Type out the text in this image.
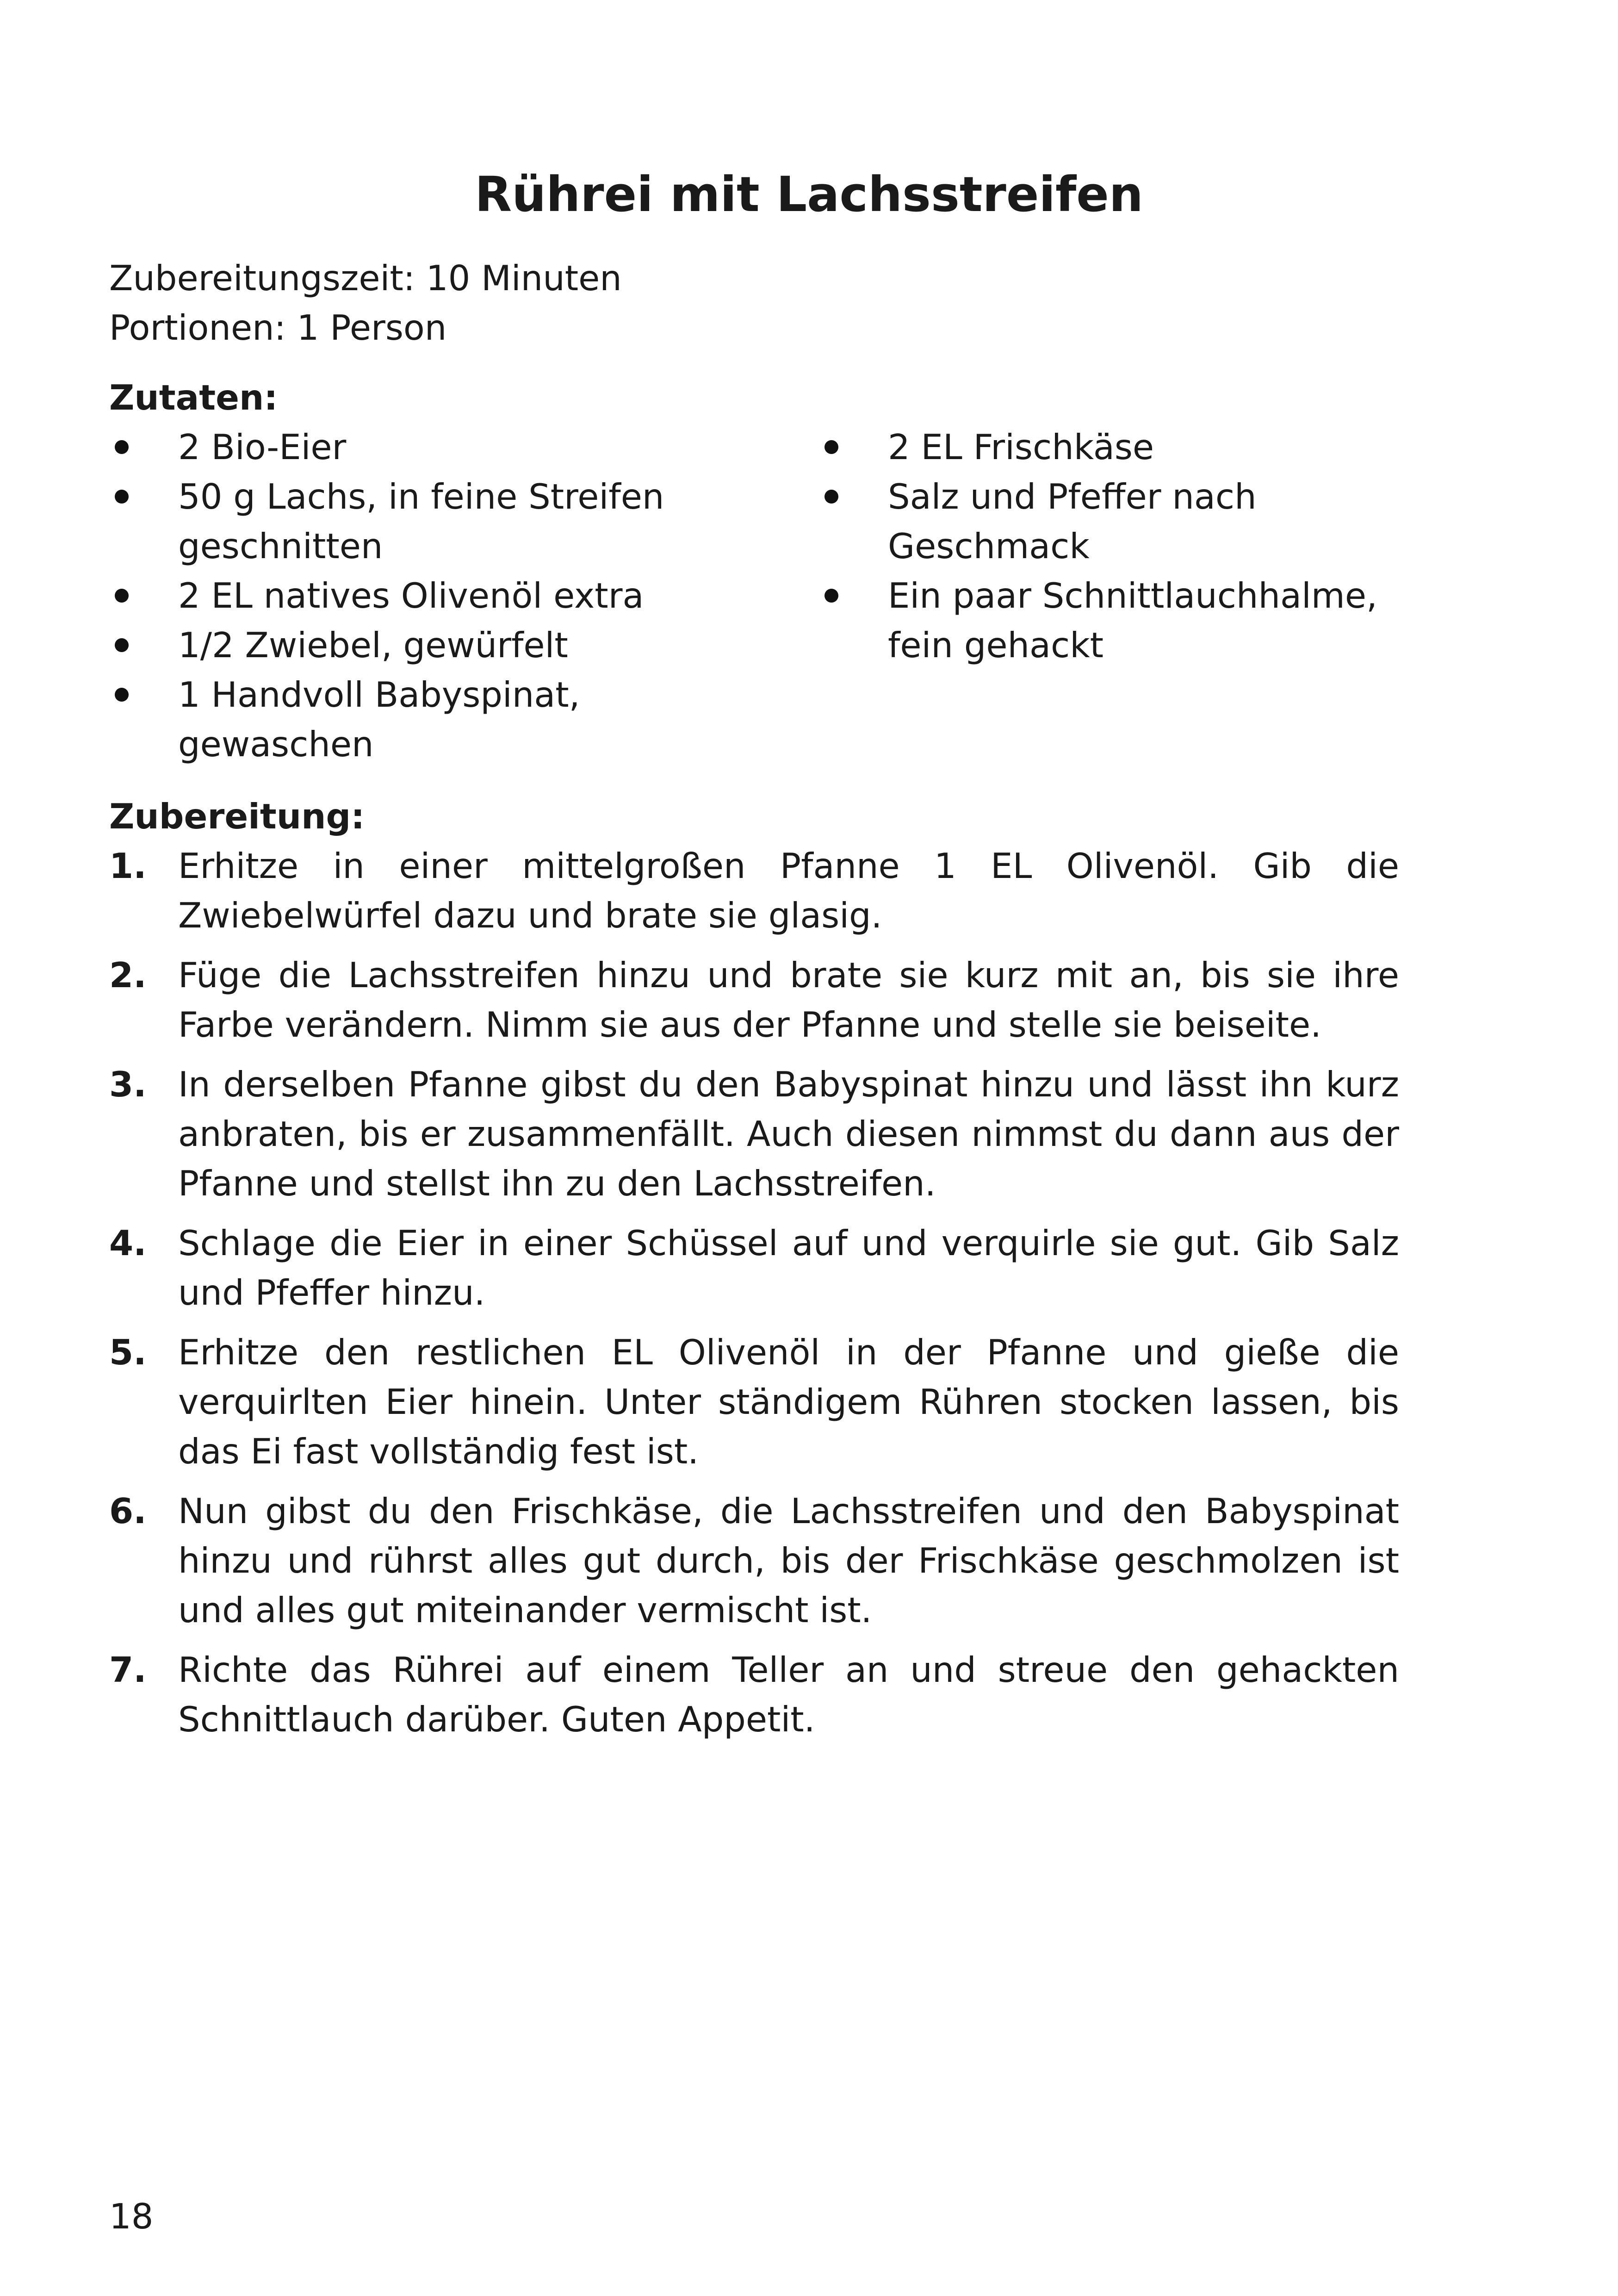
Rührei mit Lachsstreifen
Zubereitungszeit: 10 Minuten
Portionen: 1 Person
Zutaten:
2 Bio-Eier
50 g Lachs, in feine Streifen geschnitten
2 EL natives Olivenöl extra
1/2 Zwiebel, gewürfelt
1 Handvoll Babyspinat, gewaschen
2 EL Frischkäse
Salz und Pfeffer nach Geschmack
Ein paar Schnittlauchhalme, fein gehackt
Zubereitung:
1. Erhitze in einer mittelgroßen Pfanne 1 EL Olivenöl. Gib die Zwiebelwürfel dazu und brate sie glasig.
2. Füge die Lachsstreifen hinzu und brate sie kurz mit an, bis sie ihre Farbe verändern. Nimm sie aus der Pfanne und stelle sie beiseite.
3. In derselben Pfanne gibst du den Babyspinat hinzu und lässt ihn kurz anbraten, bis er zusammenfällt. Auch diesen nimmst du dann aus der Pfanne und stellst ihn zu den Lachsstreifen.
4. Schlage die Eier in einer Schüssel auf und verquirle sie gut. Gib Salz und Pfeffer hinzu.
5. Erhitze den restlichen EL Olivenöl in der Pfanne und gieße die verquirlten Eier hinein. Unter ständigem Rühren stocken lassen, bis das Ei fast vollständig fest ist.
6. Nun gibst du den Frischkäse, die Lachsstreifen und den Babyspinat hinzu und rührst alles gut durch, bis der Frischkäse geschmolzen ist und alles gut miteinander vermischt ist.
7. Richte das Rührei auf einem Teller an und streue den gehackten Schnittlauch darüber. Guten Appetit.
18
